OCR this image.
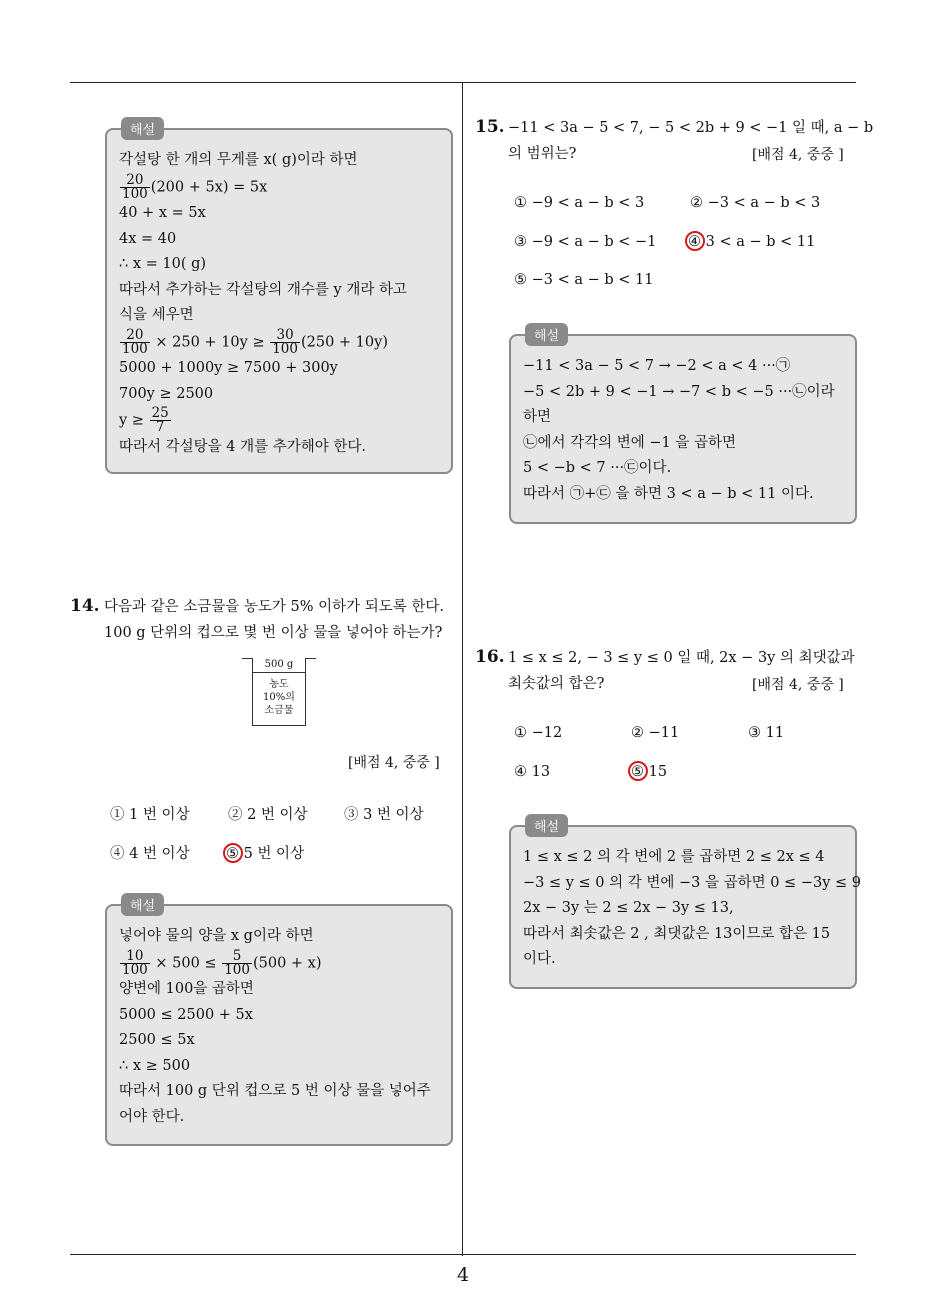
4
해설
각설탕 한 개의 무게를 x( g)이라 하면
$\frac{20}{100} (200 + 5x) = 5x$
40 + x = 5x
4x = 40
∴ x = 10( g)
따라서 추가하는 각설탕의 개수를 y 개라 하고
식을 세우면
$\frac{20}{100} \times 250 + 10y \ge \frac{30}{100} (250 + 10y)$
5000 + 1000y ≥ 7500 + 300y
700y ≥ 2500
$y \ge \frac{25}{7}$
따라서 각설탕을 4 개를 추가해야 한다.
14. 다음과 같은 소금물을 농도가 5% 이하가 되도록 한다.
100 g 단위의 컵으로 몇 번 이상 물을 넣어야 하는가?
500 g
농도
10%의
소금물
[배점 4, 중중 ]
① 1 번 이상	② 2 번 이상	③ 3 번 이상
④ 4 번 이상	⑤ 5 번 이상
해설
넣어야 물의 양을 x g이라 하면
$\frac{10}{100} \times 500 \le \frac{5}{100} (500 + x)$
양변에 100을 곱하면
5000 ≤ 2500 + 5x
2500 ≤ 5x
∴ x ≥ 500
따라서 100 g 단위 컵으로 5 번 이상 물을 넣어주
어야 한다.
15. −11 < 3a − 5 < 7, − 5 < 2b + 9 < −1 일 때, a − b
의 범위는?	[배점 4, 중중 ]
① −9 < a − b < 3	② −3 < a − b < 3
③ −9 < a − b < −1 ④ 3 < a − b < 11
⑤ −3 < a − b < 11
해설
−11 < 3a − 5 < 7 → −2 < a < 4 ···㉠
−5 < 2b + 9 < −1 → −7 < b < −5 ···㉡이라
하면
㉡에서 각각의 변에 −1 을 곱하면
5 < −b < 7 ···㉢이다.
따라서 ㉠+㉢ 을 하면 3 < a − b < 11 이다.
16. 1 ≤ x ≤ 2, − 3 ≤ y ≤ 0 일 때, 2x − 3y 의 최댓값과
최솟값의 합은?	[배점 4, 중중 ]
① −12	② −11	③ 11
④ 13	⑤ 15
해설
1 ≤ x ≤ 2 의 각 변에 2 를 곱하면 2 ≤ 2x ≤ 4
−3 ≤ y ≤ 0 의 각 변에 −3 을 곱하면 0 ≤ −3y ≤ 9
2x − 3y 는 2 ≤ 2x − 3y ≤ 13,
따라서 최솟값은 2 , 최댓값은 13이므로 합은 15
이다.
